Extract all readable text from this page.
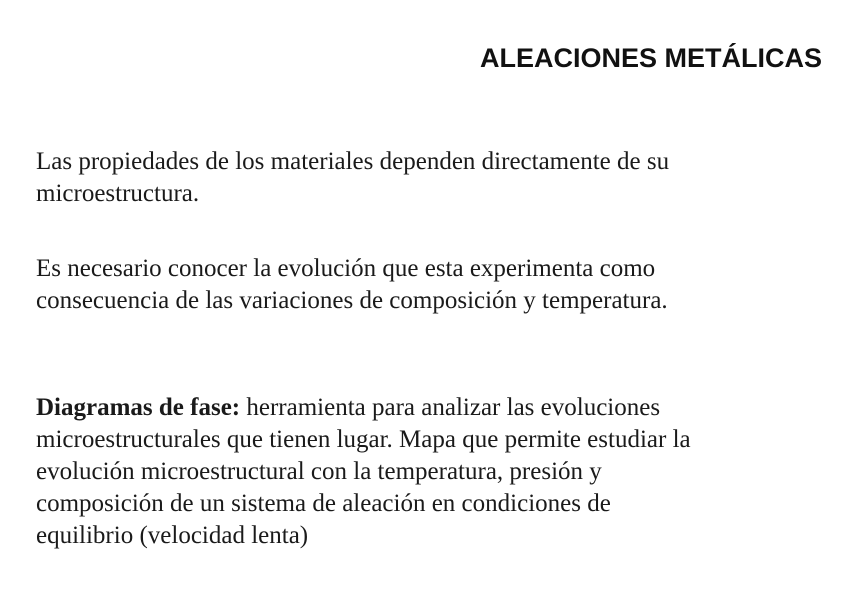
ALEACIONES METÁLICAS

Las propiedades de los materiales dependen directamente de su
microestructura.

Es necesario conocer la evolución que esta experimenta como
consecuencia de las variaciones de composición y temperatura.

Diagramas de fase: herramienta para analizar las evoluciones
microestructurales que tienen lugar. Mapa que permite estudiar la
evolución microestructural con la temperatura, presión y
composición de un sistema de aleación en condiciones de
equilibrio (velocidad lenta)
